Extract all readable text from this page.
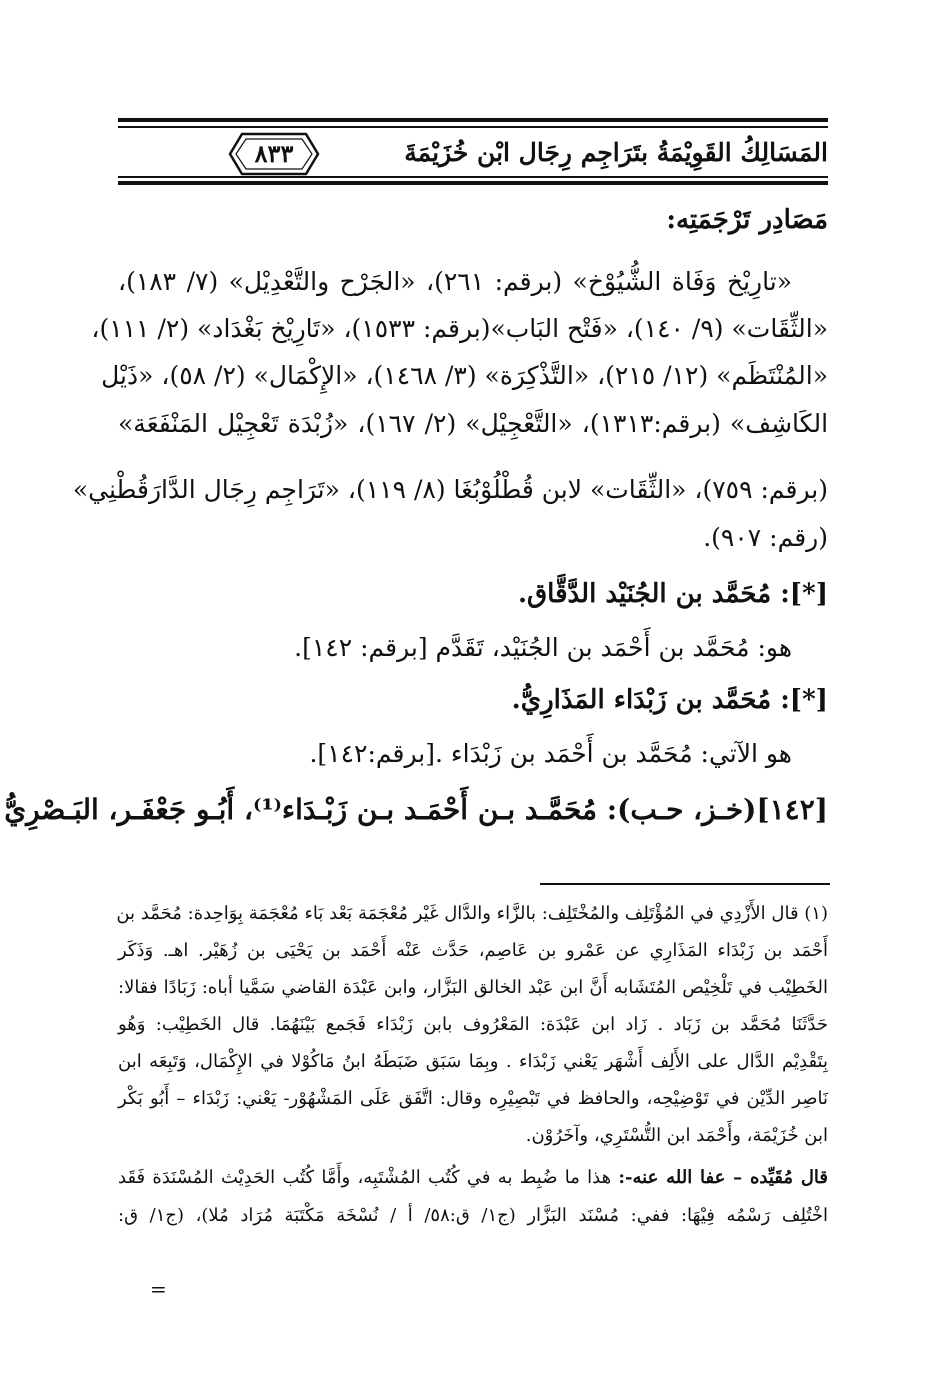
المَسَالِكُ القَوِيْمَةُ بتَرَاجِم رِجَال ابْن خُزَيْمَةَ
٨٣٣
مَصَادِر تَرْجَمَتِه:
«تارِيْخ وَفَاة الشُّيُوْخ» (برقم: ٢٦١)، «الجَرْح والتَّعْدِيْل» (٧/ ١٨٣)،
«الثِّقَات» (٩/ ١٤٠)، «فَتْح البَاب»(برقم: ١٥٣٣)، «تَارِيْخ بَغْدَاد» (٢/ ١١١)،
«المُنْتَظَم» (١٢/ ٢١٥)، «التَّذْكِرَة» (٣/ ١٤٦٨)، «الإِكْمَال» (٢/ ٥٨)، «ذَيْل
الكَاشِف» (برقم:١٣١٣)، «التَّعْجِيْل» (٢/ ١٦٧)، «زُبْدَة تَعْجِيْل المَنْفَعَة»
(برقم: ٧٥٩)، «الثِّقَات» لابن قُطْلُوْبُغَا (٨/ ١١٩)، «تَرَاجِم رِجَال الدَّارَقُطْنِي»
(رقم: ٩٠٧).
[*]: مُحَمَّد بن الجُنَيْد الدَّقَّاق.
هو: مُحَمَّد بن أَحْمَد بن الجُنَيْد، تَقَدَّم [برقم: ١٤٢].
[*]: مُحَمَّد بن زَبْدَاء المَذَارِيُّ.
هو الآتي: مُحَمَّد بن أَحْمَد بن زَبْدَاء .[برقم:١٤٢].
[١٤٢](خـز، حـب): مُحَمَّـد بـن أَحْمَـد بـن زَبْـدَاء⁽¹⁾، أَبُـو جَعْفَـر، البَـصْرِيُّ
(١) قال الأَزْدِي في المُؤْتَلِف والمُخْتَلِف: بالزَّاء والدَّال غَيْر مُعْجَمَة بَعْد بَاء مُعْجَمَة بِوَاحِدة: مُحَمَّد بن
أَحْمَد بن زَبْدَاء المَذَارِي عن عَمْرو بن عَاصِم، حَدَّث عَنْه أَحْمَد بن يَحْيَى بن زُهَيْر. اهـ. وَذَكَر
الخَطِيْب في تَلْخِيْص المُتَشَابه أَنَّ ابن عَبْد الخالق البَزَّار، وابن عَبْدَة القاضي سَمَّيا أباه: زَبَادًا فقالا:
حَدَّثَنَا مُحَمَّد بن زَبَاد . زَاد ابن عَبْدَة: المَعْرُوف بابن زَبْدَاء فَجَمع بَيْنَهُمَا. قال الخَطِيْب: وَهُو
بِتَقْدِيْم الدَّال على الأَلِف أَشْهَر يَعْني زَبْدَاء . وبِمَا سَبَق ضَبَطَهُ ابنُ مَاكُوْلا في الإِكْمَال، وَتَبِعَه ابن
نَاصِر الدِّيْن في تَوْضِيْحِه، والحافظ في تَبْصِيْرِه وقال: اتَّفَق عَلَى المَشْهُوْر- يَعْني: زَبْدَاء – أَبُو بَكْر
ابن خُزَيْمَة، وأَحْمَد ابن التُّسْتَرِي، وآخَرُوْن.
قال مُقَيِّده – عفا الله عنه-: هذا ما ضُبِط به في كُتُب المُشْتَبِه، وأَمَّا كُتُب الحَدِيْث المُسْنَدَة فَقَد
اخْتُلِف رَسْمُه فِيْهَا: ففي: مُسْنَد البَزَّار (ج١/ ق:٥٨/ أ / نُسْخَة مَكْتَبَة مُرَاد مُلا)، (ج١/ ق:
=
